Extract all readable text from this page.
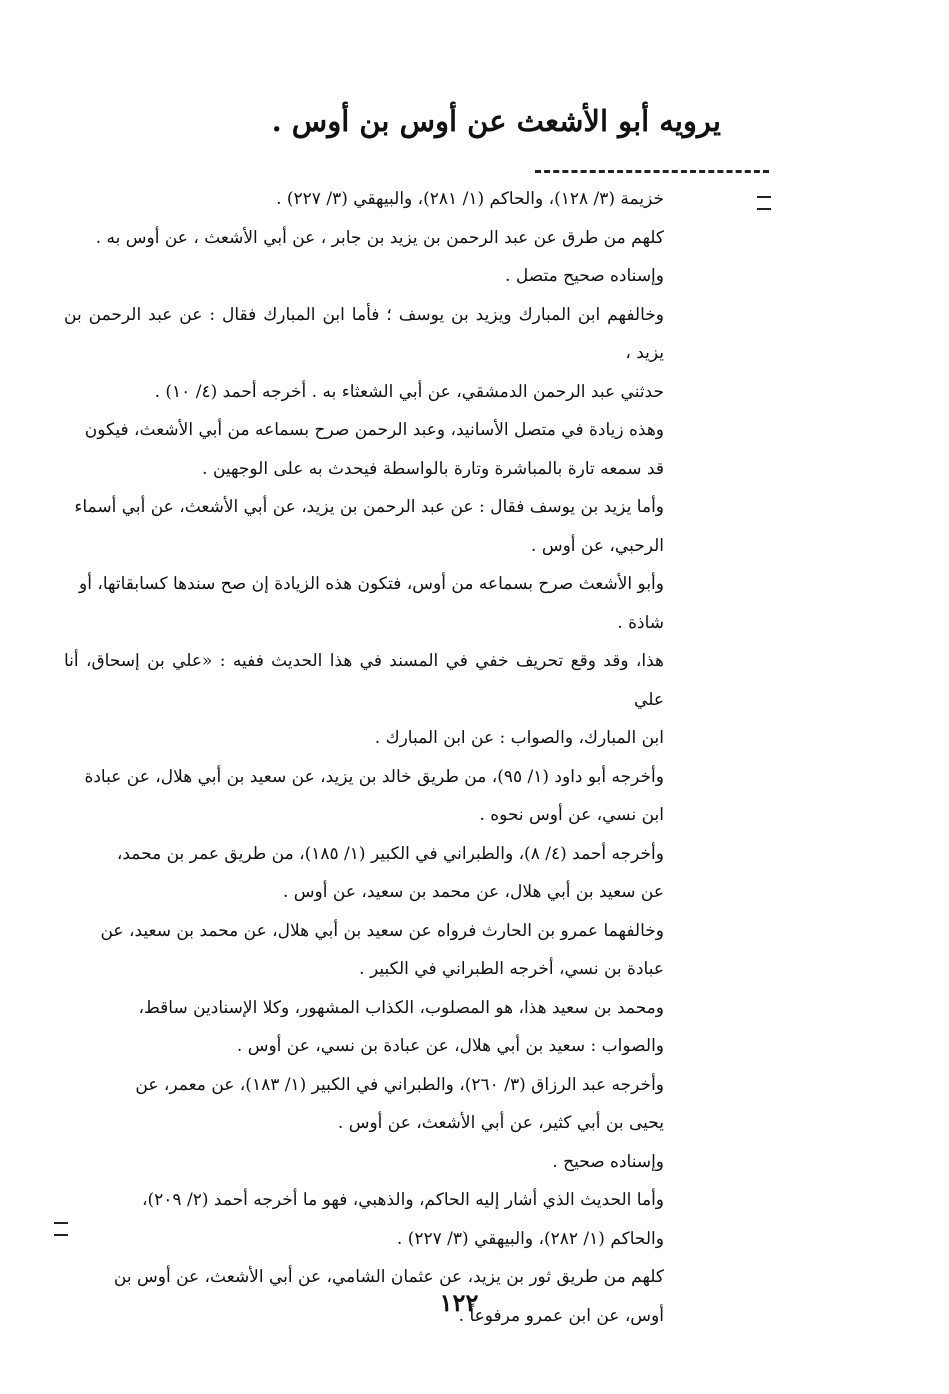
يرويه أبو الأشعث عن أوس بن أوس .
خزيمة (٣/ ١٢٨)، والحاكم (١/ ٢٨١)، والبيهقي (٣/ ٢٢٧) .
كلهم من طرق عن عبد الرحمن بن يزيد بن جابر ، عن أبي الأشعث ، عن أوس به .
وإسناده صحيح متصل .
وخالفهم ابن المبارك ويزيد بن يوسف ؛ فأما ابن المبارك فقال : عن عبد الرحمن بن يزيد ،
حدثني عبد الرحمن الدمشقي، عن أبي الشعثاء به . أخرجه أحمد (٤/ ١٠) .
وهذه زيادة في متصل الأسانيد، وعبد الرحمن صرح بسماعه من أبي الأشعث، فيكون
قد سمعه تارة بالمباشرة وتارة بالواسطة فيحدث به على الوجهين .
وأما يزيد بن يوسف فقال : عن عبد الرحمن بن يزيد، عن أبي الأشعث، عن أبي أسماء
الرحبي، عن أوس .
وأبو الأشعث صرح بسماعه من أوس، فتكون هذه الزيادة إن صح سندها كسابقاتها، أو
شاذة .
هذا، وقد وقع تحريف خفي في المسند في هذا الحديث ففيه : «علي بن إسحاق، أنا علي
ابن المبارك، والصواب : عن ابن المبارك .
وأخرجه أبو داود (١/ ٩٥)، من طريق خالد بن يزيد، عن سعيد بن أبي هلال، عن عبادة
ابن نسي، عن أوس نحوه .
وأخرجه أحمد (٤/ ٨)، والطبراني في الكبير (١/ ١٨٥)، من طريق عمر بن محمد،
عن سعيد بن أبي هلال، عن محمد بن سعيد، عن أوس .
وخالفهما عمرو بن الحارث فرواه عن سعيد بن أبي هلال، عن محمد بن سعيد، عن
عبادة بن نسي، أخرجه الطبراني في الكبير .
ومحمد بن سعيد هذا، هو المصلوب، الكذاب المشهور، وكلا الإسنادين ساقط،
والصواب : سعيد بن أبي هلال، عن عبادة بن نسي، عن أوس .
وأخرجه عبد الرزاق (٣/ ٢٦٠)، والطبراني في الكبير (١/ ١٨٣)، عن معمر، عن
يحيى بن أبي كثير، عن أبي الأشعث، عن أوس .
وإسناده صحيح .
وأما الحديث الذي أشار إليه الحاكم، والذهبي، فهو ما أخرجه أحمد (٢/ ٢٠٩)،
والحاكم (١/ ٢٨٢)، والبيهقي (٣/ ٢٢٧) .
كلهم من طريق ثور بن يزيد، عن عثمان الشامي، عن أبي الأشعث، عن أوس بن
أوس، عن ابن عمرو مرفوعاً .
١٢٢
